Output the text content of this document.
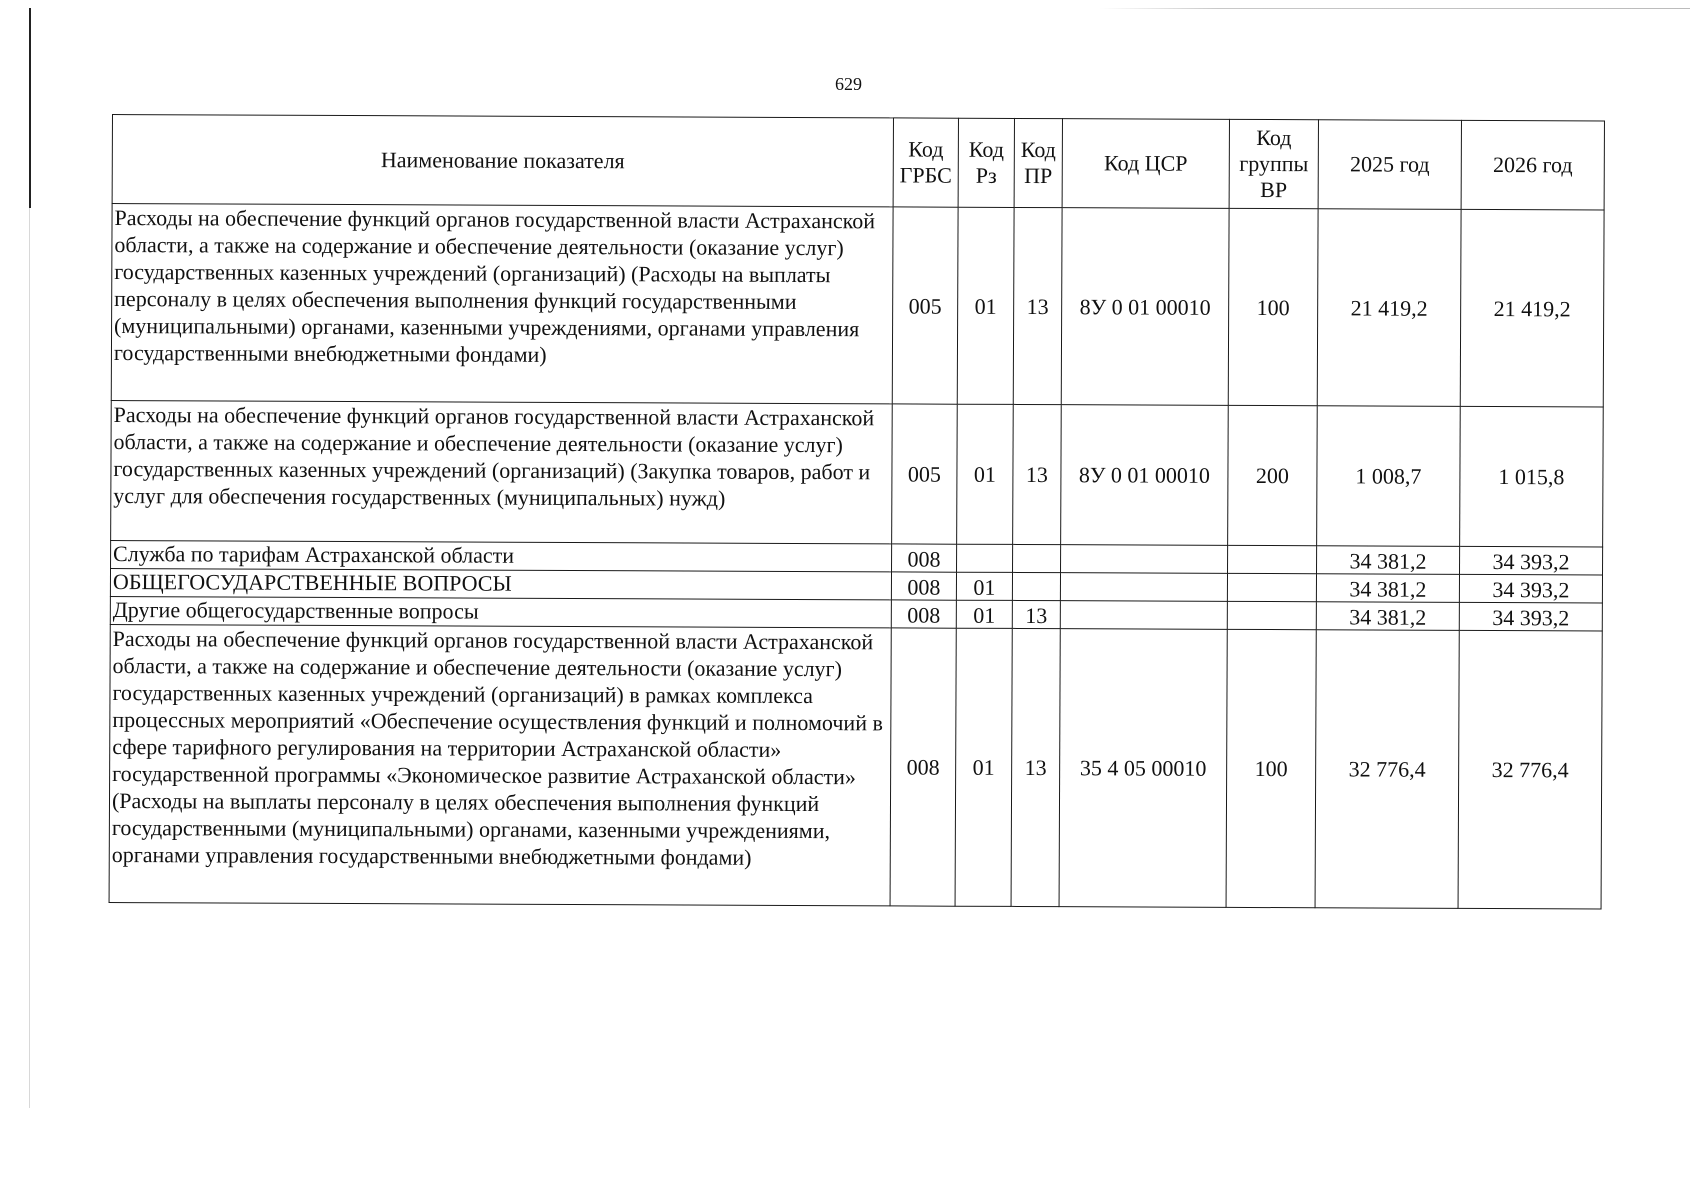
629
Наименование показателя	Код ГРБС	Код Рз	Код ПР	Код ЦСР	Код группы ВР	2025 год	2026 год
Расходы на обеспечение функций органов государственной власти Астраханской области, а также на содержание и обеспечение деятельности (оказание услуг) государственных казенных учреждений (организаций) (Расходы на выплаты персоналу в целях обеспечения выполнения функций государственными (муниципальными) органами, казенными учреждениями, органами управления государственными внебюджетными фондами)	005	01	13	8У 0 01 00010	100	21 419,2	21 419,2
Расходы на обеспечение функций органов государственной власти Астраханской области, а также на содержание и обеспечение деятельности (оказание услуг) государственных казенных учреждений (организаций) (Закупка товаров, работ и услуг для обеспечения государственных (муниципальных) нужд)	005	01	13	8У 0 01 00010	200	1 008,7	1 015,8
Служба по тарифам Астраханской области	008					34 381,2	34 393,2
ОБЩЕГОСУДАРСТВЕННЫЕ ВОПРОСЫ	008	01				34 381,2	34 393,2
Другие общегосударственные вопросы	008	01	13			34 381,2	34 393,2
Расходы на обеспечение функций органов государственной власти Астраханской области, а также на содержание и обеспечение деятельности (оказание услуг) государственных казенных учреждений (организаций) в рамках комплекса процессных мероприятий «Обеспечение осуществления функций и полномочий в сфере тарифного регулирования на территории Астраханской области» государственной программы «Экономическое развитие Астраханской области» (Расходы на выплаты персоналу в целях обеспечения выполнения функций государственными (муниципальными) органами, казенными учреждениями, органами управления государственными внебюджетными фондами)	008	01	13	35 4 05 00010	100	32 776,4	32 776,4
